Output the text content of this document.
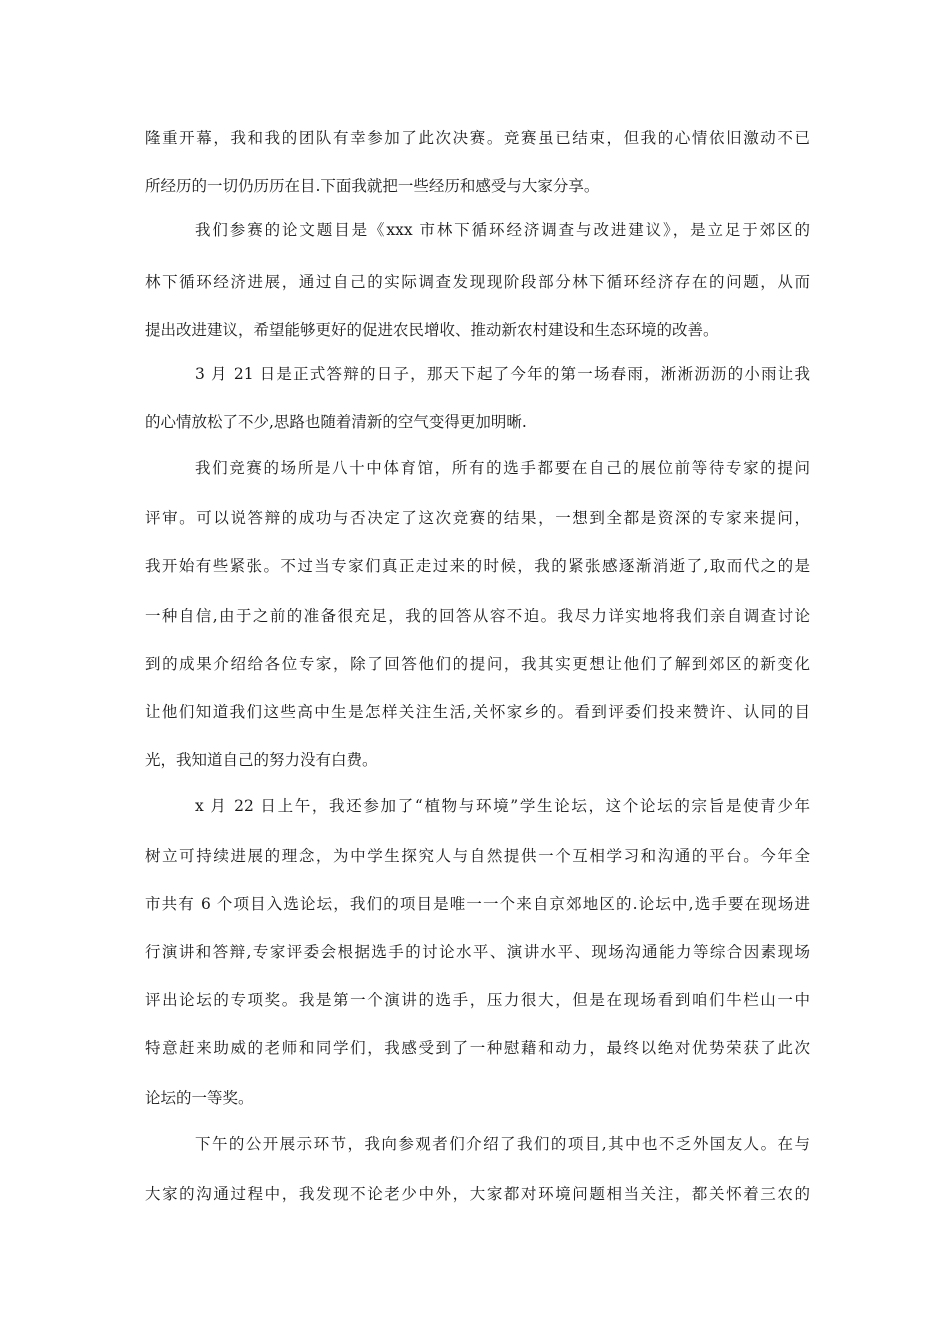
隆重开幕，我和我的团队有幸参加了此次决赛。竞赛虽已结束，但我的心情依旧激动不已
所经历的一切仍历历在目.下面我就把一些经历和感受与大家分享。
我们参赛的论文题目是《xxx 市林下循环经济调查与改进建议》，是立足于郊区的
林下循环经济进展，通过自己的实际调查发现现阶段部分林下循环经济存在的问题，从而
提出改进建议，希望能够更好的促进农民增收、推动新农村建设和生态环境的改善。
3 月 21 日是正式答辩的日子，那天下起了今年的第一场春雨，淅淅沥沥的小雨让我
的心情放松了不少,思路也随着清新的空气变得更加明晰.
我们竞赛的场所是八十中体育馆，所有的选手都要在自己的展位前等待专家的提问
评审。可以说答辩的成功与否决定了这次竞赛的结果，一想到全都是资深的专家来提问，
我开始有些紧张。不过当专家们真正走过来的时候，我的紧张感逐渐消逝了,取而代之的是
一种自信,由于之前的准备很充足，我的回答从容不迫。我尽力详实地将我们亲自调查讨论
到的成果介绍给各位专家，除了回答他们的提问，我其实更想让他们了解到郊区的新变化
让他们知道我们这些高中生是怎样关注生活,关怀家乡的。看到评委们投来赞许、认同的目
光，我知道自己的努力没有白费。
x 月 22 日上午，我还参加了“植物与环境”学生论坛，这个论坛的宗旨是使青少年
树立可持续进展的理念，为中学生探究人与自然提供一个互相学习和沟通的平台。今年全
市共有 6 个项目入选论坛，我们的项目是唯一一个来自京郊地区的.论坛中,选手要在现场进
行演讲和答辩,专家评委会根据选手的讨论水平、演讲水平、现场沟通能力等综合因素现场
评出论坛的专项奖。我是第一个演讲的选手，压力很大，但是在现场看到咱们牛栏山一中
特意赶来助威的老师和同学们，我感受到了一种慰藉和动力，最终以绝对优势荣获了此次
论坛的一等奖。
下午的公开展示环节，我向参观者们介绍了我们的项目,其中也不乏外国友人。在与
大家的沟通过程中，我发现不论老少中外，大家都对环境问题相当关注，都关怀着三农的
